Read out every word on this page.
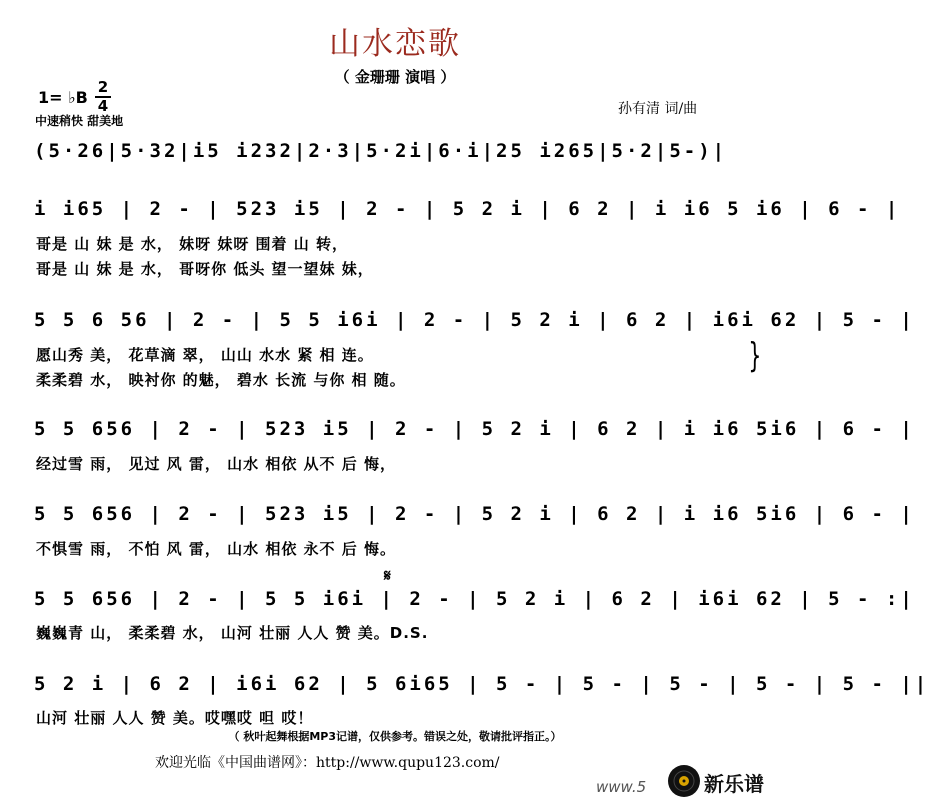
山水恋歌
（ 金珊珊 演唱 ）
1= ♭B
2
4
中速稍快 甜美地
孙有清 词/曲
(5·26|5·32|i5 i232|2·3|5·2i|6·i|25 i265|5·2|5-)|
i i65 | 2 - | 523 i5 | 2 - | 5 2 i | 6 2 | i i6 5 i6 | 6 - |
哥是 山 妹 是 水， 妹呀 妹呀 围着 山 转，
哥是 山 妹 是 水， 哥呀你 低头 望一望妹 妹，
5 5 6 56 | 2 - | 5 5 i6i | 2 - | 5 2 i | 6 2 | i6i 62 | 5 - |
愿山秀 美， 花草滴 翠， 山山 水水 紧 相 连。
柔柔碧 水， 映衬你 的魅， 碧水 长流 与你 相 随。
}
5 5 656 | 2 - | 523 i5 | 2 - | 5 2 i | 6 2 | i i6 5i6 | 6 - |
经过雪 雨， 见过 风 雷， 山水 相依 从不 后 悔，
5 5 656 | 2 - | 523 i5 | 2 - | 5 2 i | 6 2 | i i6 5i6 | 6 - |
不惧雪 雨， 不怕 风 雷， 山水 相依 永不 后 悔。
𝄋
5 5 656 | 2 - | 5 5 i6i | 2 - | 5 2 i | 6 2 | i6i 62 | 5 - :|
巍巍青 山， 柔柔碧 水， 山河 壮丽 人人 赞 美。D.S.
5 2 i | 6 2 | i6i 62 | 5 6i65 | 5 - | 5 - | 5 - | 5 - | 5 - ||
山河 壮丽 人人 赞 美。哎嘿哎 呾 哎！
（ 秋叶起舞根据MP3记谱，仅供参考。错误之处，敬请批评指正。）
欢迎光临《中国曲谱网》：http://www.qupu123.com/
www.5	新乐谱
